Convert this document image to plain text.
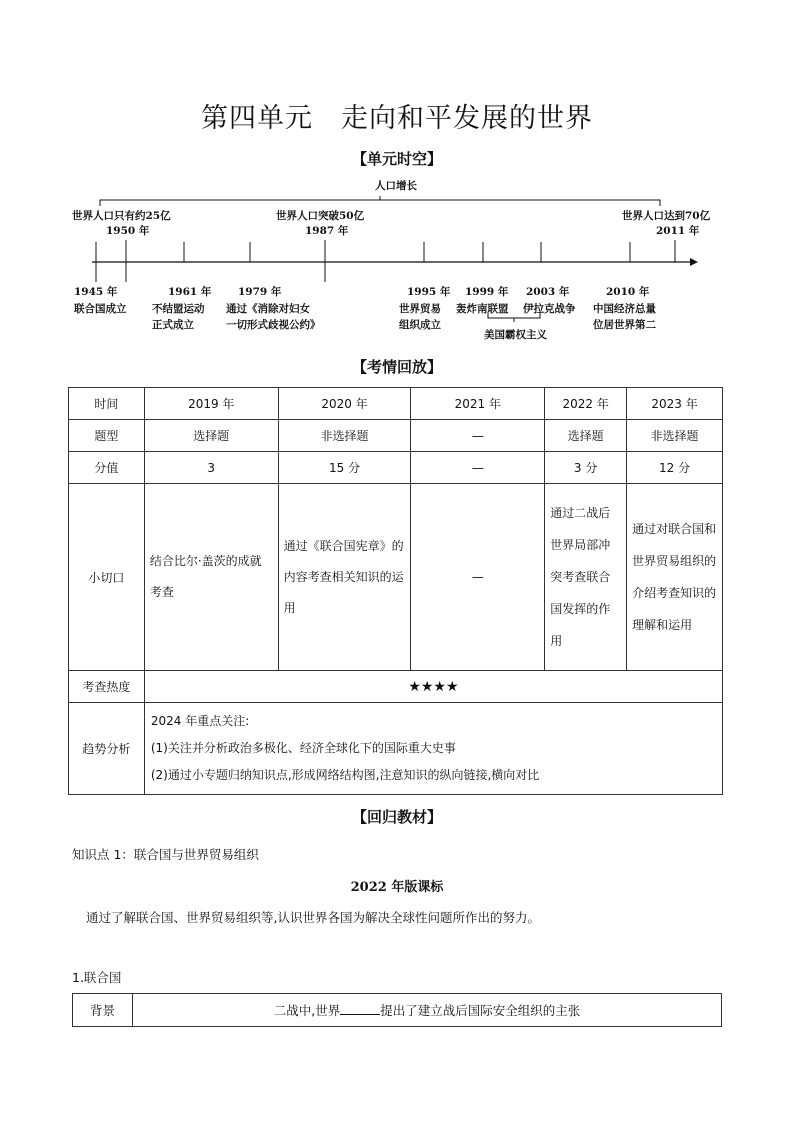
第四单元　走向和平发展的世界
【单元时空】
人口增长
世界人口只有约25亿
1950 年
世界人口突破50亿
1987 年
世界人口达到70亿
2011 年
1945 年
联合国成立
1961 年
不结盟运动
正式成立
1979 年
通过《消除对妇女
一切形式歧视公约》
1995 年
世界贸易
组织成立
1999 年
轰炸南联盟
2003 年
伊拉克战争
美国霸权主义
2010 年
中国经济总量
位居世界第二
【考情回放】
时间	2019 年	2020 年	2021 年	2022 年	2023 年
题型	选择题	非选择题	—	选择题	非选择题
分值	3	15 分	—	3 分	12 分
小切口	结合比尔·盖茨的成就考查	通过《联合国宪章》的内容考查相关知识的运用	—	通过二战后世界局部冲突考查联合国发挥的作用	通过对联合国和世界贸易组织的介绍考查知识的理解和运用

考查热度	★★★★				
趋势分析	2024 年重点关注:
(1)关注并分析政治多极化、经济全球化下的国际重大史事
(2)通过小专题归纳知识点,形成网络结构图,注意知识的纵向链接,横向对比				
【回归教材】
知识点 1：联合国与世界贸易组织
2022 年版课标
通过了解联合国、世界贸易组织等,认识世界各国为解决全球性问题所作出的努力。
1.联合国
背景	二战中,世界	提出了建立战后国际安全组织的主张
